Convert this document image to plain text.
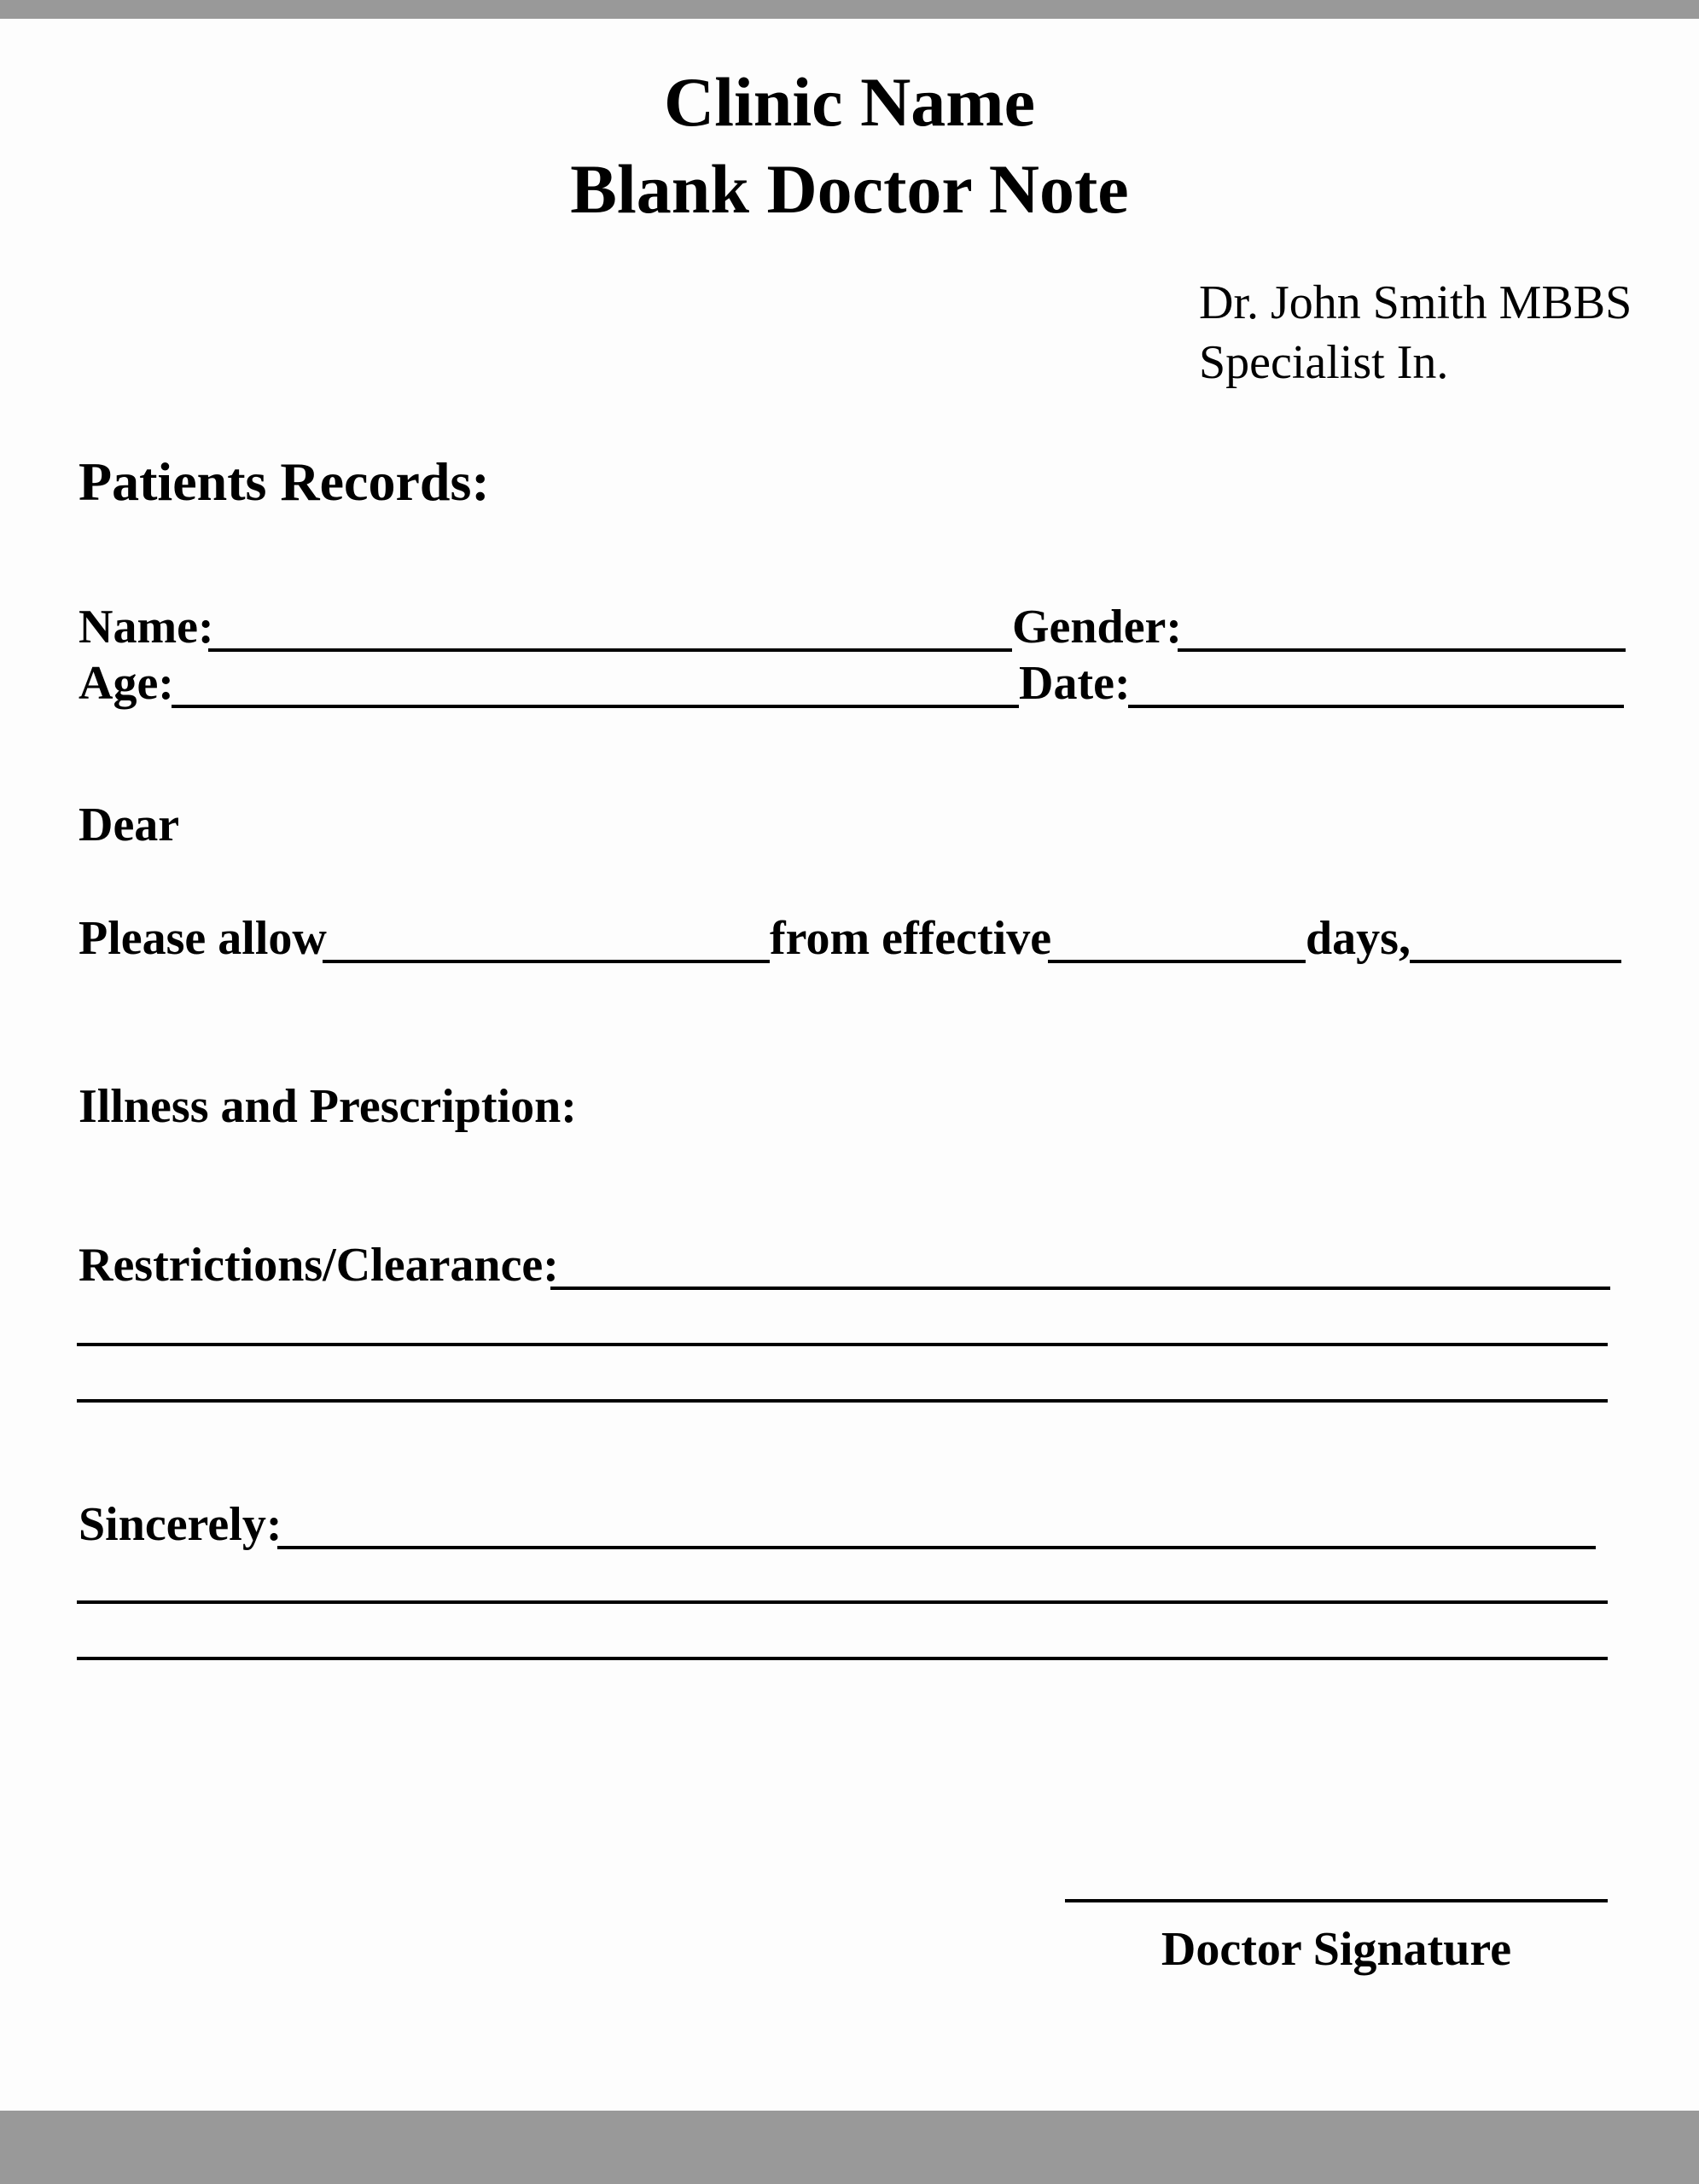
Clinic Name
Blank Doctor Note
Dr. John Smith MBBS
Specialist In.
Patients Records:
Name:	Gender:
Age:	Date:
Dear
Please allow	from effective	days,
Illness and Prescription:
Restrictions/Clearance:
Sincerely:
Doctor Signature
